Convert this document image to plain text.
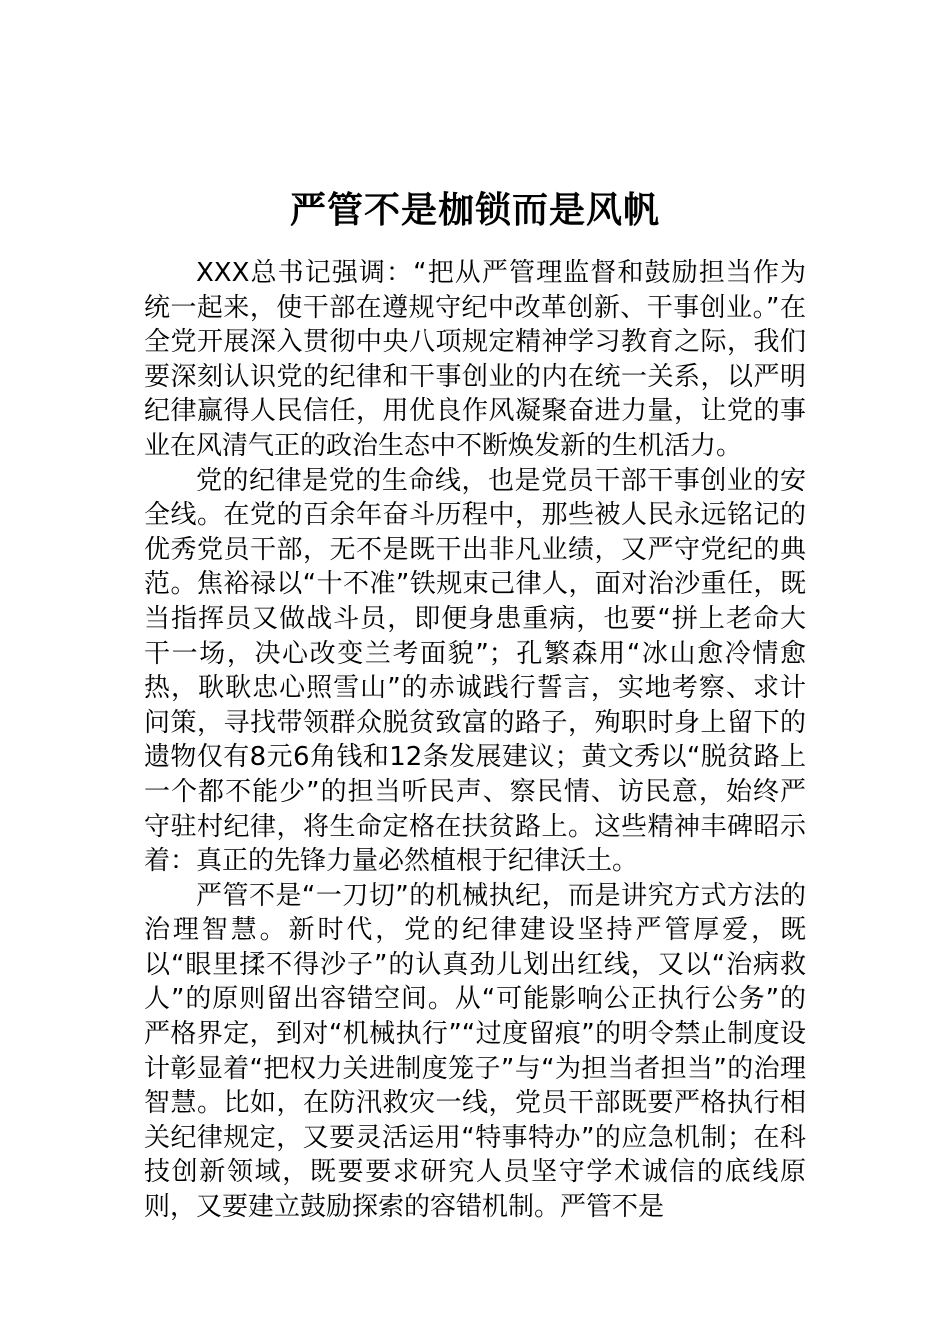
严管不是枷锁而是风帆

XXX总书记强调：“把从严管理监督和鼓励担当作为统一起来，使干部在遵规守纪中改革创新、干事创业。”在全党开展深入贯彻中央八项规定精神学习教育之际，我们要深刻认识党的纪律和干事创业的内在统一关系，以严明纪律赢得人民信任，用优良作风凝聚奋进力量，让党的事业在风清气正的政治生态中不断焕发新的生机活力。

党的纪律是党的生命线，也是党员干部干事创业的安全线。在党的百余年奋斗历程中，那些被人民永远铭记的优秀党员干部，无不是既干出非凡业绩，又严守党纪的典范。焦裕禄以“十不准”铁规束己律人，面对治沙重任，既当指挥员又做战斗员，即便身患重病，也要“拼上老命大干一场，决心改变兰考面貌”；孔繁森用“冰山愈冷情愈热，耿耿忠心照雪山”的赤诚践行誓言，实地考察、求计问策，寻找带领群众脱贫致富的路子，殉职时身上留下的遗物仅有8元6角钱和12条发展建议；黄文秀以“脱贫路上一个都不能少”的担当听民声、察民情、访民意，始终严守驻村纪律，将生命定格在扶贫路上。这些精神丰碑昭示着：真正的先锋力量必然植根于纪律沃土。

严管不是“一刀切”的机械执纪，而是讲究方式方法的治理智慧。新时代，党的纪律建设坚持严管厚爱，既以“眼里揉不得沙子”的认真劲儿划出红线，又以“治病救人”的原则留出容错空间。从“可能影响公正执行公务”的严格界定，到对“机械执行”“过度留痕”的明令禁止制度设计彰显着“把权力关进制度笼子”与“为担当者担当”的治理智慧。比如，在防汛救灾一线，党员干部既要严格执行相关纪律规定，又要灵活运用“特事特办”的应急机制；在科技创新领域，既要要求研究人员坚守学术诚信的底线原则，又要建立鼓励探索的容错机制。严管不是
